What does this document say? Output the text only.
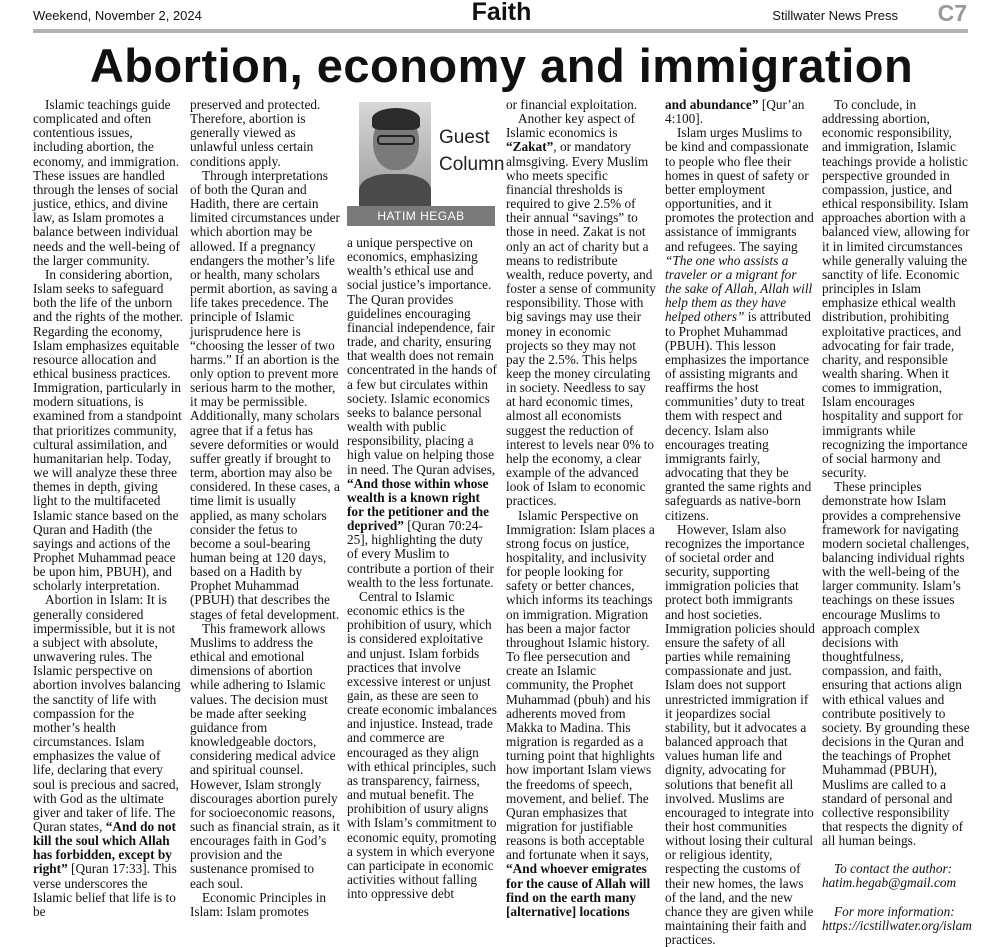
Weekend, November 2, 2024	Faith	Stillwater News Press C7
Abortion, economy and immigration

Islamic teachings guide complicated and often contentious issues, including abortion, the economy, and immigration. These issues are handled through the lenses of social justice, ethics, and divine law, as Islam promotes a balance between individual needs and the well-being of the larger community.

In considering abortion, Islam seeks to safeguard both the life of the unborn and the rights of the mother. Regarding the economy, Islam emphasizes equitable resource allocation and ethical business practices. Immigration, particularly in modern situations, is examined from a standpoint that prioritizes community, cultural assimilation, and humanitarian help. Today, we will analyze these three themes in depth, giving light to the multifaceted Islamic stance based on the Quran and Hadith (the sayings and actions of the Prophet Muhammad peace be upon him, PBUH), and scholarly interpretation.

Abortion in Islam: It is generally considered impermissible, but it is not a subject with absolute, unwavering rules. The Islamic perspective on abortion involves balancing the sanctity of life with compassion for the mother’s health circumstances. Islam emphasizes the value of life, declaring that every soul is precious and sacred, with God as the ultimate giver and taker of life. The Quran states, “And do not kill the soul which Allah has forbidden, except by right” [Quran 17:33]. This verse underscores the Islamic belief that life is to be

preserved and protected. Therefore, abortion is generally viewed as unlawful unless certain conditions apply.

Through interpretations of both the Quran and Hadith, there are certain limited circumstances under which abortion may be allowed. If a pregnancy endangers the mother’s life or health, many scholars permit abortion, as saving a life takes precedence. The principle of Islamic jurisprudence here is “choosing the lesser of two harms.” If an abortion is the only option to prevent more serious harm to the mother, it may be permissible. Additionally, many scholars agree that if a fetus has severe deformities or would suffer greatly if brought to term, abortion may also be considered. In these cases, a time limit is usually applied, as many scholars consider the fetus to become a soul-bearing human being at 120 days, based on a Hadith by Prophet Muhammad (PBUH) that describes the stages of fetal development.

This framework allows Muslims to address the ethical and emotional dimensions of abortion while adhering to Islamic values. The decision must be made after seeking guidance from knowledgeable doctors, considering medical advice and spiritual counsel. However, Islam strongly discourages abortion purely for socioeconomic reasons, such as financial strain, as it encourages faith in God’s provision and the sustenance promised to each soul.

Economic Principles in Islam: Islam promotes

Guest
Column
HATIM HEGAB

a unique perspective on economics, emphasizing wealth’s ethical use and social justice’s importance. The Quran provides guidelines encouraging financial independence, fair trade, and charity, ensuring that wealth does not remain concentrated in the hands of a few but circulates within society. Islamic economics seeks to balance personal wealth with public responsibility, placing a high value on helping those in need. The Quran advises, “And those within whose wealth is a known right for the petitioner and the deprived” [Quran 70:24-25], highlighting the duty of every Muslim to contribute a portion of their wealth to the less fortunate.

Central to Islamic economic ethics is the prohibition of usury, which is considered exploitative and unjust. Islam forbids practices that involve excessive interest or unjust gain, as these are seen to create economic imbalances and injustice. Instead, trade and commerce are encouraged as they align with ethical principles, such as transparency, fairness, and mutual benefit. The prohibition of usury aligns with Islam’s commitment to economic equity, promoting a system in which everyone can participate in economic activities without falling into oppressive debt

or financial exploitation.

Another key aspect of Islamic economics is “Zakat”, or mandatory almsgiving. Every Muslim who meets specific financial thresholds is required to give 2.5% of their annual “savings” to those in need. Zakat is not only an act of charity but a means to redistribute wealth, reduce poverty, and foster a sense of community responsibility. Those with big savings may use their money in economic projects so they may not pay the 2.5%. This helps keep the money circulating in society. Needless to say at hard economic times, almost all economists suggest the reduction of interest to levels near 0% to help the economy, a clear example of the advanced look of Islam to economic practices.

Islamic Perspective on Immigration: Islam places a strong focus on justice, hospitality, and inclusivity for people looking for safety or better chances, which informs its teachings on immigration. Migration has been a major factor throughout Islamic history. To flee persecution and create an Islamic community, the Prophet Muhammad (pbuh) and his adherents moved from Makka to Madina. This migration is regarded as a turning point that highlights how important Islam views the freedoms of speech, movement, and belief. The Quran emphasizes that migration for justifiable reasons is both acceptable and fortunate when it says, “And whoever emigrates for the cause of Allah will find on the earth many [alternative] locations

and abundance” [Qur’an 4:100].

Islam urges Muslims to be kind and compassionate to people who flee their homes in quest of safety or better employment opportunities, and it promotes the protection and assistance of immigrants and refugees. The saying “The one who assists a traveler or a migrant for the sake of Allah, Allah will help them as they have helped others” is attributed to Prophet Muhammad (PBUH). This lesson emphasizes the importance of assisting migrants and reaffirms the host communities’ duty to treat them with respect and decency. Islam also encourages treating immigrants fairly, advocating that they be granted the same rights and safeguards as native-born citizens.

However, Islam also recognizes the importance of societal order and security, supporting immigration policies that protect both immigrants and host societies. Immigration policies should ensure the safety of all parties while remaining compassionate and just. Islam does not support unrestricted immigration if it jeopardizes social stability, but it advocates a balanced approach that values human life and dignity, advocating for solutions that benefit all involved. Muslims are encouraged to integrate into their host communities without losing their cultural or religious identity, respecting the customs of their new homes, the laws of the land, and the new chance they are given while maintaining their faith and practices.

To conclude, in addressing abortion, economic responsibility, and immigration, Islamic teachings provide a holistic perspective grounded in compassion, justice, and ethical responsibility. Islam approaches abortion with a balanced view, allowing for it in limited circumstances while generally valuing the sanctity of life. Economic principles in Islam emphasize ethical wealth distribution, prohibiting exploitative practices, and advocating for fair trade, charity, and responsible wealth sharing. When it comes to immigration, Islam encourages hospitality and support for immigrants while recognizing the importance of social harmony and security.

These principles demonstrate how Islam provides a comprehensive framework for navigating modern societal challenges, balancing individual rights with the well-being of the larger community. Islam’s teachings on these issues encourage Muslims to approach complex decisions with thoughtfulness, compassion, and faith, ensuring that actions align with ethical values and contribute positively to society. By grounding these decisions in the Quran and the teachings of Prophet Muhammad (PBUH), Muslims are called to a standard of personal and collective responsibility that respects the dignity of all human beings.

To contact the author:
hatim.hegab@gmail.com

For more information:
https://icstillwater.org/islam
